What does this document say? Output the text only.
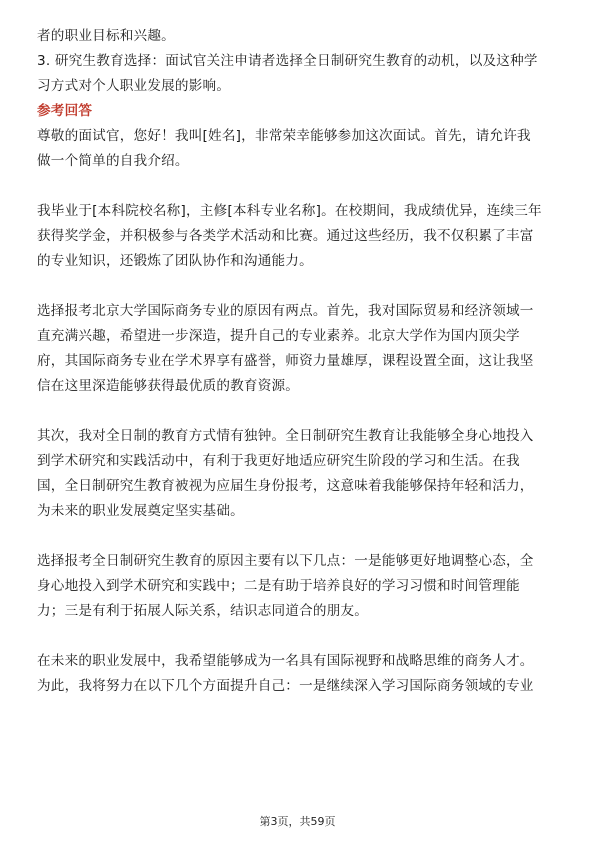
者的职业目标和兴趣。
3. 研究生教育选择：面试官关注申请者选择全日制研究生教育的动机，以及这种学
习方式对个人职业发展的影响。
参考回答
尊敬的面试官，您好！我叫[姓名]，非常荣幸能够参加这次面试。首先，请允许我
做一个简单的自我介绍。
我毕业于[本科院校名称]，主修[本科专业名称]。在校期间，我成绩优异，连续三年
获得奖学金，并积极参与各类学术活动和比赛。通过这些经历，我不仅积累了丰富
的专业知识，还锻炼了团队协作和沟通能力。
选择报考北京大学国际商务专业的原因有两点。首先，我对国际贸易和经济领域一
直充满兴趣，希望进一步深造，提升自己的专业素养。北京大学作为国内顶尖学
府，其国际商务专业在学术界享有盛誉，师资力量雄厚，课程设置全面，这让我坚
信在这里深造能够获得最优质的教育资源。
其次，我对全日制的教育方式情有独钟。全日制研究生教育让我能够全身心地投入
到学术研究和实践活动中，有利于我更好地适应研究生阶段的学习和生活。在我
国，全日制研究生教育被视为应届生身份报考，这意味着我能够保持年轻和活力，
为未来的职业发展奠定坚实基础。
选择报考全日制研究生教育的原因主要有以下几点：一是能够更好地调整心态，全
身心地投入到学术研究和实践中；二是有助于培养良好的学习习惯和时间管理能
力；三是有利于拓展人际关系，结识志同道合的朋友。
在未来的职业发展中，我希望能够成为一名具有国际视野和战略思维的商务人才。
为此，我将努力在以下几个方面提升自己：一是继续深入学习国际商务领域的专业
第3页，共59页
